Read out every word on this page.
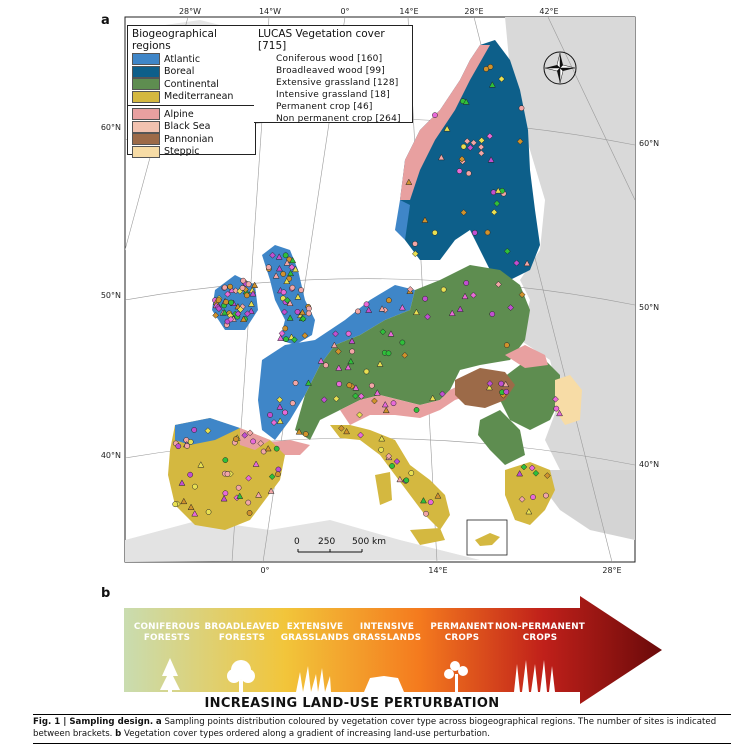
a
b
28°W	14°W	0°	14°E	28°E	42°E
60°N
50°N
40°N
60°N
50°N
40°N
0°	14°E	28°E
0 250 500 km
Biogeographical regions
Atlantic
Boreal
Continental
Mediterranean
Alpine
Black Sea
Pannonian
Steppic
LUCAS Vegetation cover [715]
Coniferous wood [160]
Broadleaved wood [99]
Extensive grassland [128]
Intensive grassland [18]
Permanent crop [46]
Non permanent crop [264]
CONIFEROUS
FORESTS
BROADLEAVED
FORESTS
EXTENSIVE
GRASSLANDS
INTENSIVE
GRASSLANDS
PERMANENT
CROPS
NON-PERMANENT
CROPS
INCREASING LAND-USE PERTURBATION
Fig. 1 | Sampling design. a Sampling points distribution coloured by vegetation cover type across biogeographical regions. The number of sites is indicated between brackets. b Vegetation cover types ordered along a gradient of increasing land-use perturbation.
